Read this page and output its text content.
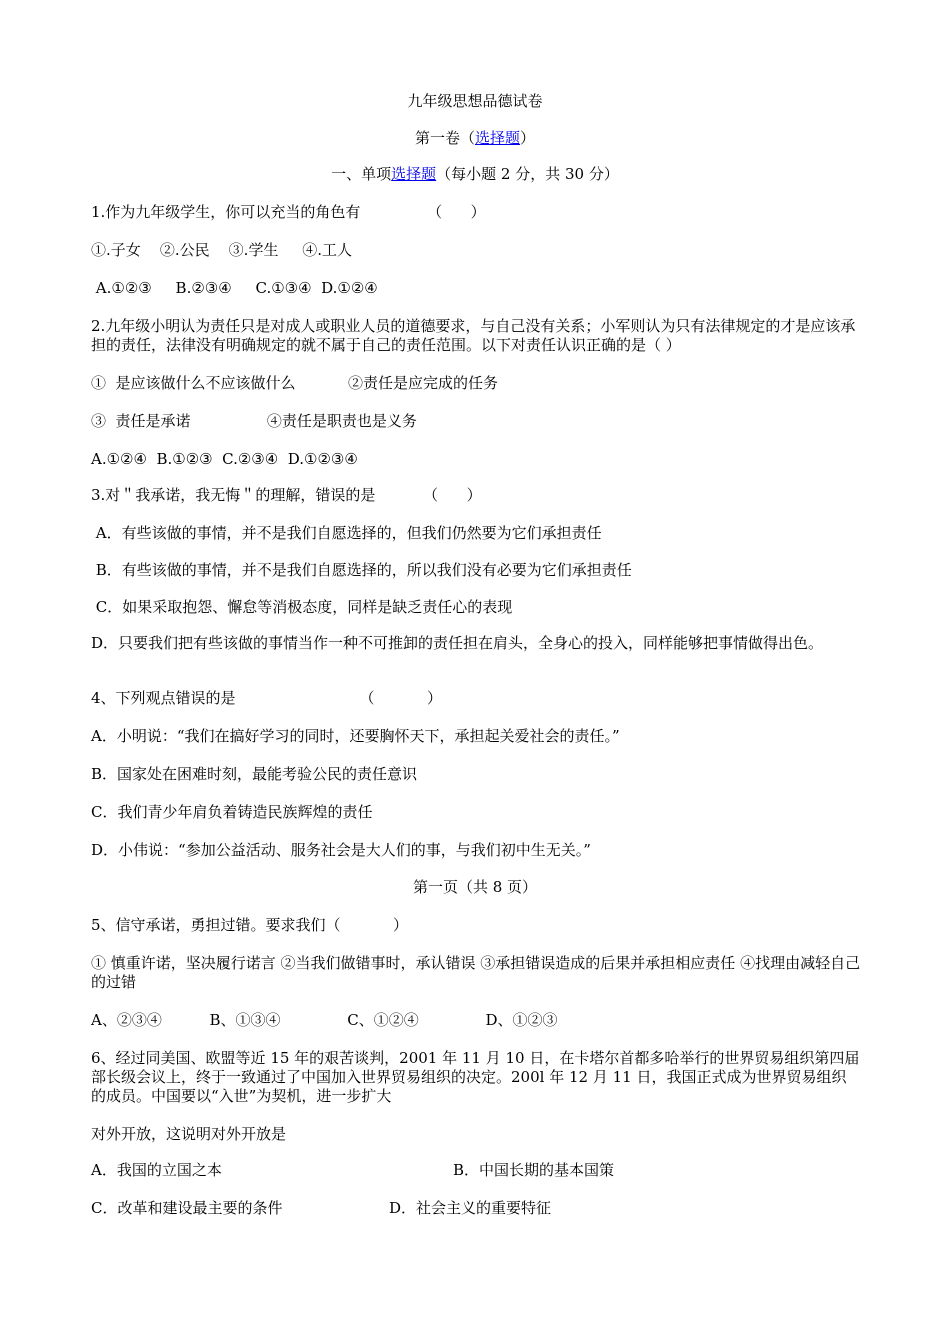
九年级思想品德试卷
第一卷（选择题）
一、单项选择题（每小题 2 分，共 30 分）
1.作为九年级学生，你可以充当的角色有              （      ）
①.子女    ②.公民    ③.学生     ④.工人
A.①②③     B.②③④     C.①③④  D.①②④
2.九年级小明认为责任只是对成人或职业人员的道德要求，与自己没有关系；小军则认为只有法律规定的才是应该承担的责任，法律没有明确规定的就不属于自己的责任范围。以下对责任认识正确的是（ ）
①  是应该做什么不应该做什么           ②责任是应完成的任务
③  责任是承诺                ④责任是职责也是义务
A.①②④  B.①②③  C.②③④  D.①②③④
3.对＂我承诺，我无悔＂的理解，错误的是          （      ）
A．有些该做的事情，并不是我们自愿选择的，但我们仍然要为它们承担责任
B．有些该做的事情，并不是我们自愿选择的，所以我们没有必要为它们承担责任
C．如果采取抱怨、懈怠等消极态度，同样是缺乏责任心的表现
D．只要我们把有些该做的事情当作一种不可推卸的责任担在肩头，全身心的投入，同样能够把事情做得出色。
4、下列观点错误的是                          （           ）
A．小明说：“我们在搞好学习的同时，还要胸怀天下，承担起关爱社会的责任。”
B．国家处在困难时刻，最能考验公民的责任意识
C．我们青少年肩负着铸造民族辉煌的责任
D．小伟说：“参加公益活动、服务社会是大人们的事，与我们初中生无关。”
第一页（共 8 页）
5、信守承诺，勇担过错。要求我们（           ）
① 慎重许诺，坚决履行诺言 ②当我们做错事时，承认错误 ③承担错误造成的后果并承担相应责任 ④找理由减轻自己的过错
A、②③④          B、①③④              C、①②④              D、①②③
6、经过同美国、欧盟等近 15 年的艰苦谈判，2001 年 11 月 10 日，在卡塔尔首都多哈举行的世界贸易组织第四届部长级会议上，终于一致通过了中国加入世界贸易组织的决定。200l 年 12 月 11 日，我国正式成为世界贸易组织的成员。中国要以“入世”为契机，进一步扩大
对外开放，这说明对外开放是
A．我国的立国之本	B．中国长期的基本国策
C．改革和建设最主要的条件	D．社会主义的重要特征
